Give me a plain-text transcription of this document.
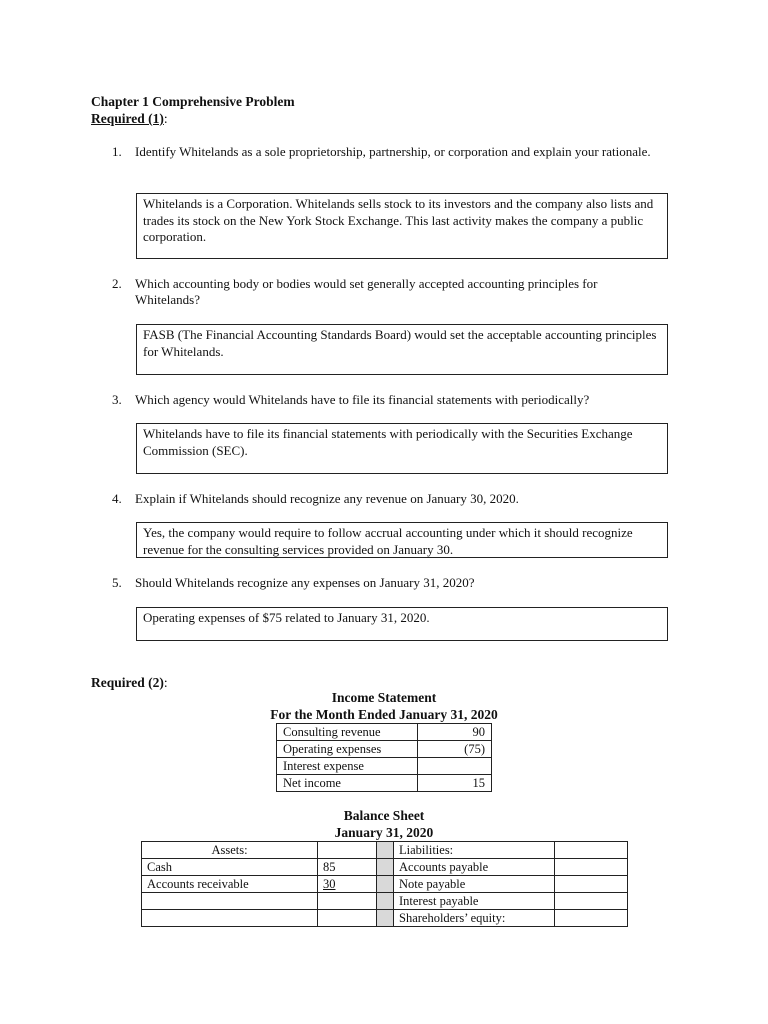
Chapter 1 Comprehensive Problem
Required (1):
1.	Identify Whitelands as a sole proprietorship, partnership, or corporation and explain your rationale.
Whitelands is a Corporation. Whitelands sells stock to its investors and the company also lists and trades its stock on the New York Stock Exchange. This last activity makes the company a public corporation.
2.	Which accounting body or bodies would set generally accepted accounting principles for Whitelands?
FASB (The Financial Accounting Standards Board) would set the acceptable accounting principles for Whitelands.
3.	Which agency would Whitelands have to file its financial statements with periodically?
Whitelands have to file its financial statements with periodically with the Securities Exchange Commission (SEC).
4.	Explain if Whitelands should recognize any revenue on January 30, 2020.
Yes, the company would require to follow accrual accounting under which it should recognize revenue for the consulting services provided on January 30.
5.	Should Whitelands recognize any expenses on January 31, 2020?
Operating expenses of $75 related to January 31, 2020.
Required (2):
Income Statement
For the Month Ended January 31, 2020
Consulting revenue	90
Operating expenses	(75)
Interest expense	
Net income	15
Balance Sheet
January 31, 2020
Assets:			Liabilities:	
Cash	85		Accounts payable	
Accounts receivable	30		Note payable	
			Interest payable	
			Shareholders’ equity:	
